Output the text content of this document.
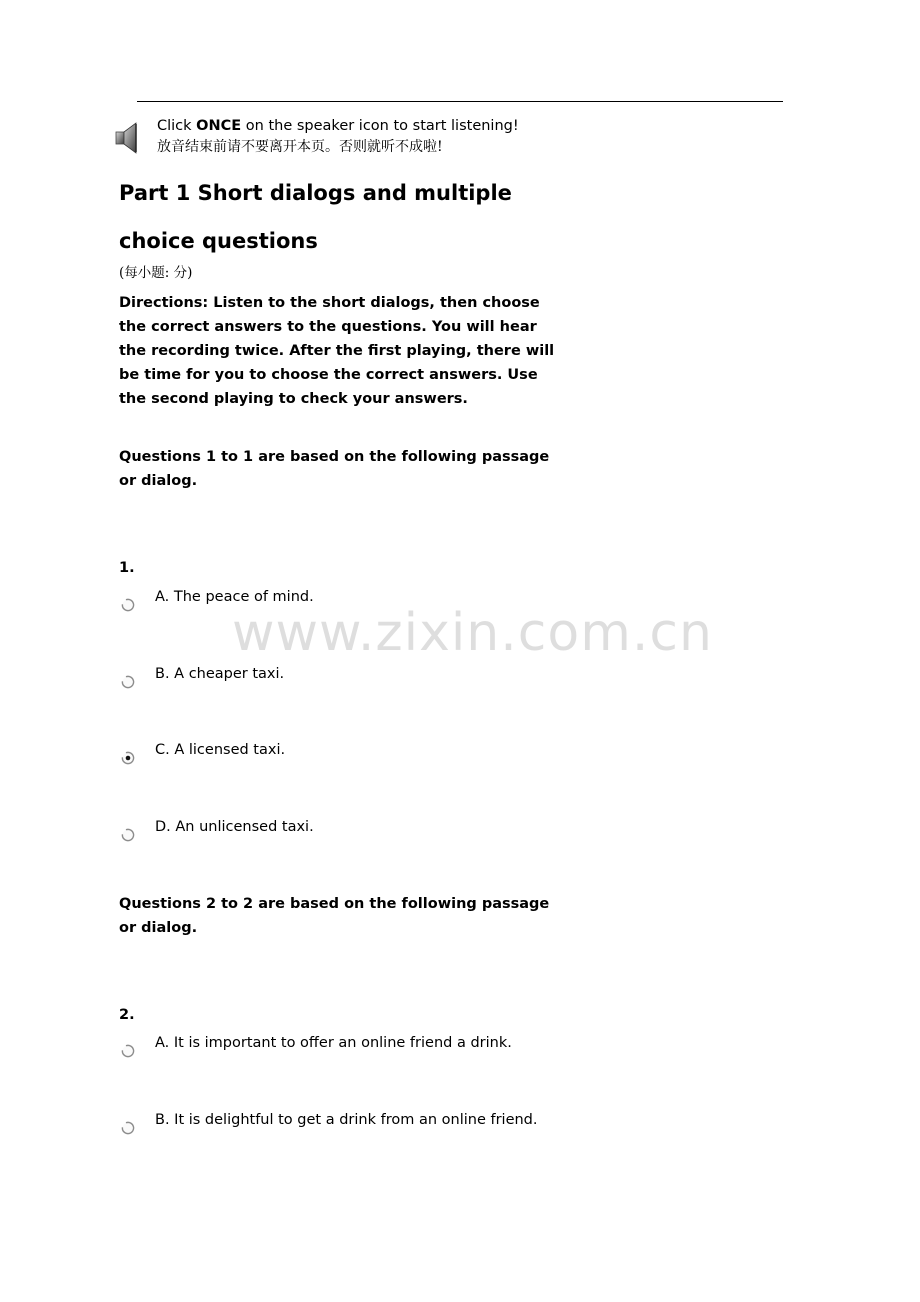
Click ONCE on the speaker icon to start listening!
放音结束前请不要离开本页。否则就听不成啦!
Part 1 Short dialogs and multiple choice questions
(每小题: 分)
Directions: Listen to the short dialogs, then choose the correct answers to the questions. You will hear the recording twice. After the first playing, there will be time for you to choose the correct answers. Use the second playing to check your answers.
Questions 1 to 1 are based on the following passage or dialog.
1.
A. The peace of mind.
B. A cheaper taxi.
C. A licensed taxi.
D. An unlicensed taxi.
Questions 2 to 2 are based on the following passage or dialog.
2.
A. It is important to offer an online friend a drink.
B. It is delightful to get a drink from an online friend.
www.zixin.com.cn
